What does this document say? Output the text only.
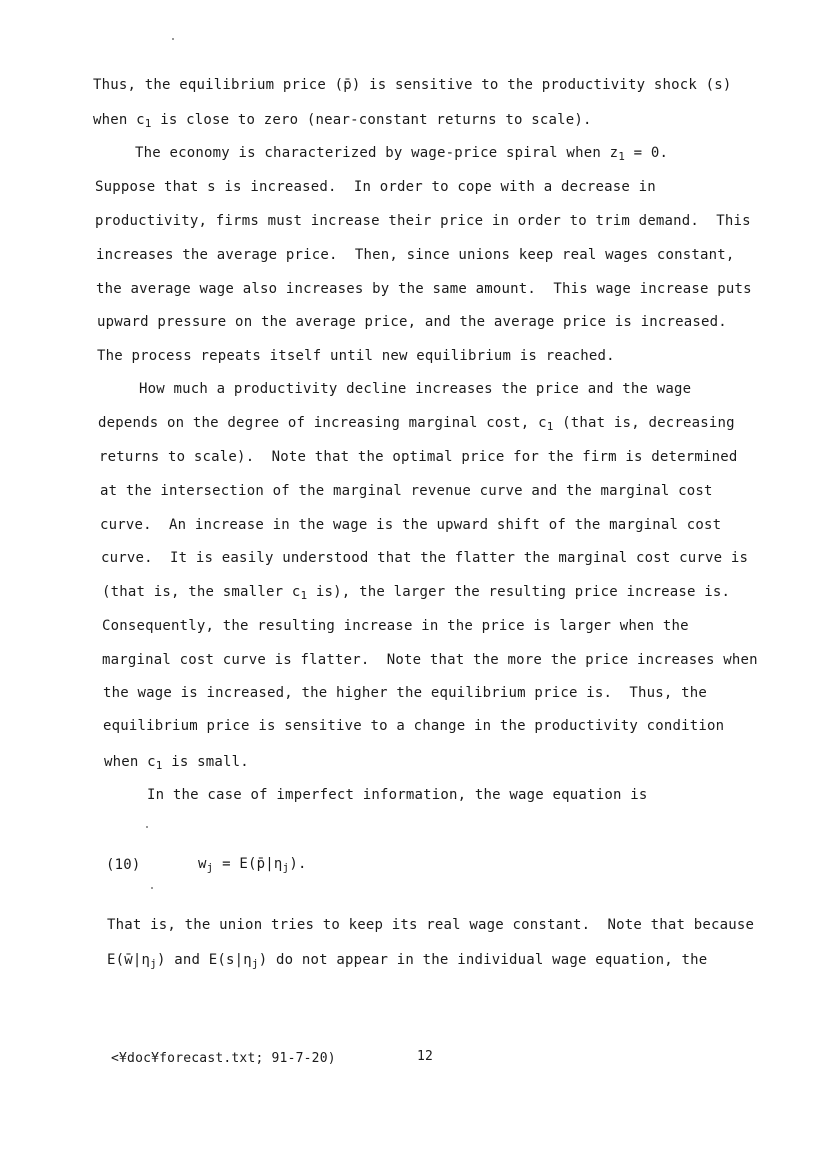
Thus, the equilibrium price (p̄) is sensitive to the productivity shock (s)
when $c_1$ is close to zero (near-constant returns to scale).
The economy is characterized by wage-price spiral when $z_1 = 0$.
Suppose that s is increased.  In order to cope with a decrease in
productivity, firms must increase their price in order to trim demand.  This
increases the average price.  Then, since unions keep real wages constant,
the average wage also increases by the same amount.  This wage increase puts
upward pressure on the average price, and the average price is increased.
The process repeats itself until new equilibrium is reached.
How much a productivity decline increases the price and the wage
depends on the degree of increasing marginal cost, $c_1$ (that is, decreasing
returns to scale).  Note that the optimal price for the firm is determined
at the intersection of the marginal revenue curve and the marginal cost
curve.  An increase in the wage is the upward shift of the marginal cost
curve.  It is easily understood that the flatter the marginal cost curve is
(that is, the smaller $c_1$ is), the larger the resulting price increase is.
Consequently, the resulting increase in the price is larger when the
marginal cost curve is flatter.  Note that the more the price increases when
the wage is increased, the higher the equilibrium price is.  Thus, the
equilibrium price is sensitive to a change in the productivity condition
when $c_1$ is small.
In the case of imperfect information, the wage equation is
(10)	$w_j$ = $E(p̄|\eta_j)$.
That is, the union tries to keep its real wage constant.  Note that because
$E(w̄|\eta_j)$ and $E(s|\eta_j)$ do not appear in the individual wage equation, the
<¥doc¥forecast.txt; 91-7-20)	12
